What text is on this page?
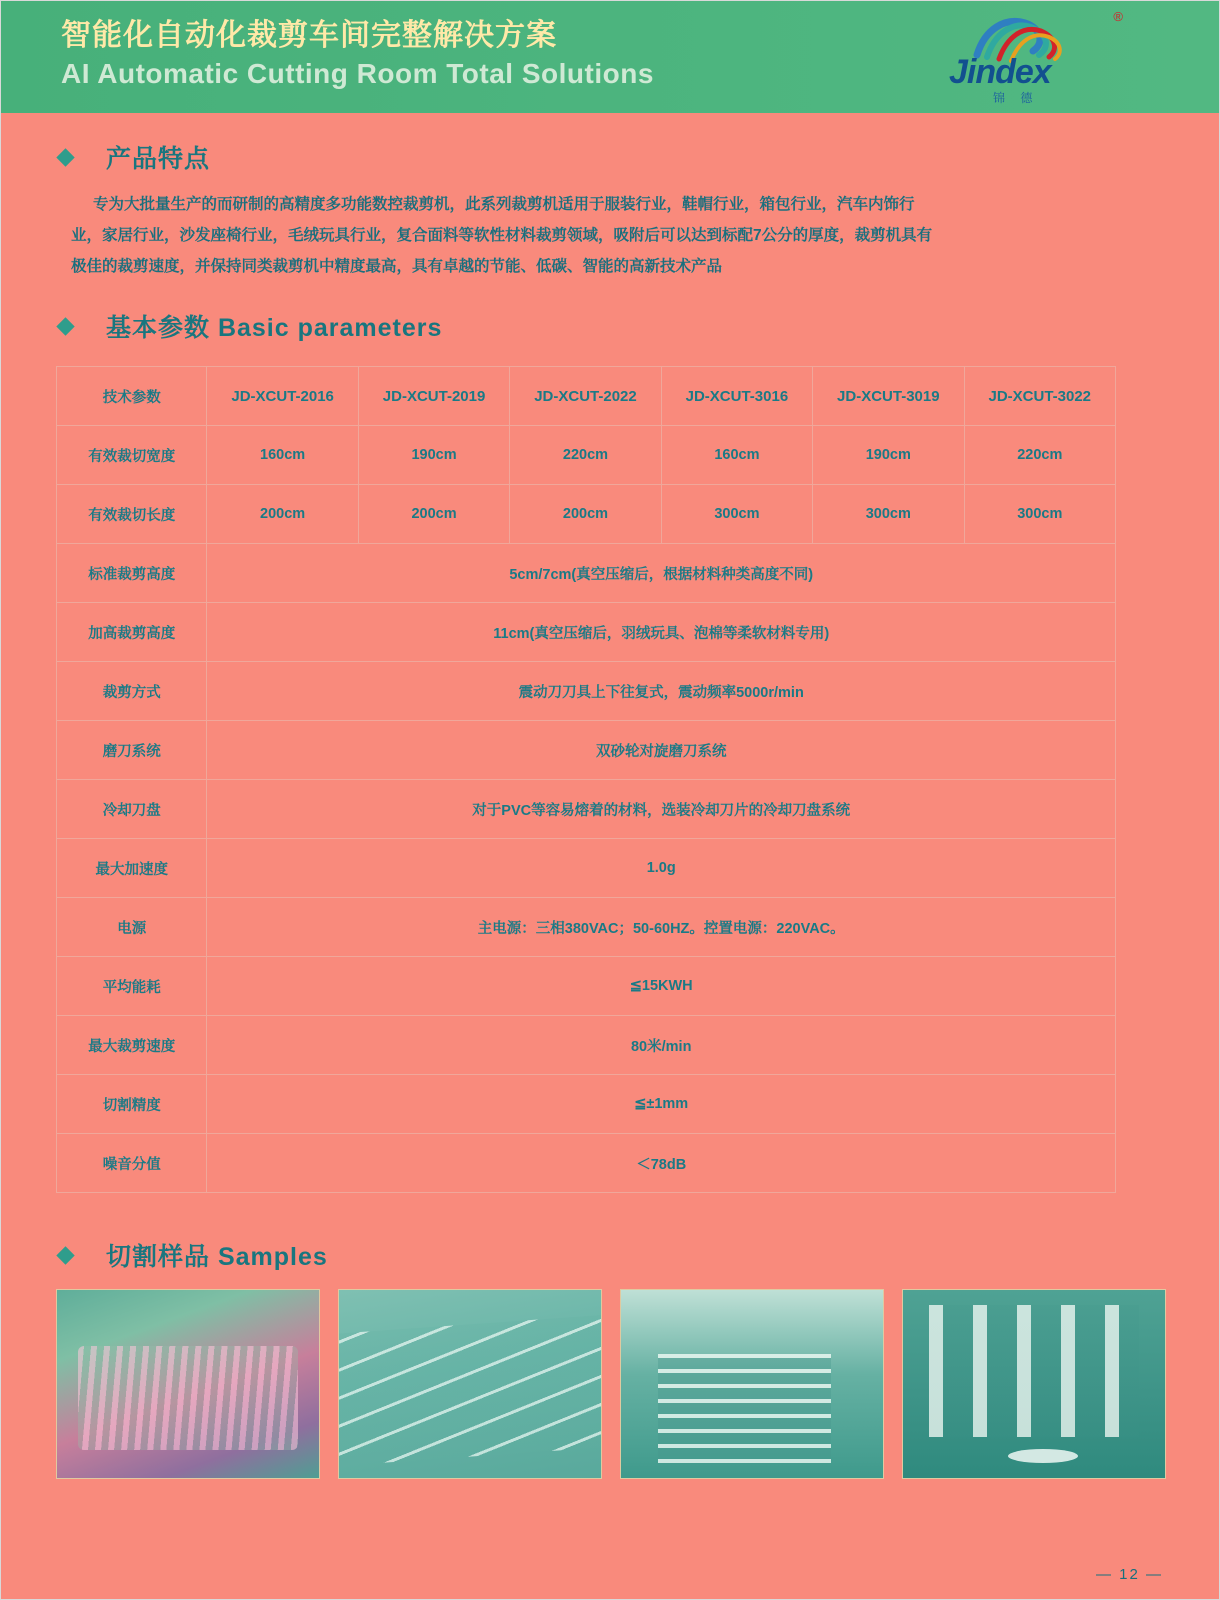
智能化自动化裁剪车间完整解决方案
AI Automatic Cutting Room Total Solutions	Jindex
锦 德
®
产品特点
专为大批量生产的而研制的高精度多功能数控裁剪机，此系列裁剪机适用于服装行业，鞋帽行业，箱包行业，汽车内饰行
业，家居行业，沙发座椅行业，毛绒玩具行业，复合面料等软性材料裁剪领域，吸附后可以达到标配7公分的厚度，裁剪机具有
极佳的裁剪速度，并保持同类裁剪机中精度最高，具有卓越的节能、低碳、智能的高新技术产品
基本参数 Basic parameters
技术参数	JD-XCUT-2016	JD-XCUT-2019	JD-XCUT-2022	JD-XCUT-3016	JD-XCUT-3019	JD-XCUT-3022
有效裁切宽度	160cm	190cm	220cm	160cm	190cm	220cm
有效裁切长度	200cm	200cm	200cm	300cm	300cm	300cm
标准裁剪高度	5cm/7cm(真空压缩后，根据材料种类高度不同)					
加高裁剪高度	11cm(真空压缩后，羽绒玩具、泡棉等柔软材料专用)					
裁剪方式	震动刀刀具上下往复式，震动频率5000r/min					
磨刀系统	双砂轮对旋磨刀系统					
冷却刀盘	对于PVC等容易熔着的材料，选装冷却刀片的冷却刀盘系统					
最大加速度	1.0g					
电源	主电源：三相380VAC；50-60HZ。控置电源：220VAC。					
平均能耗	≦15KWH					
最大裁剪速度	80米/min					
切割精度	≦±1mm					
噪音分值	＜78dB					
切割样品 Samples
— 12 —
